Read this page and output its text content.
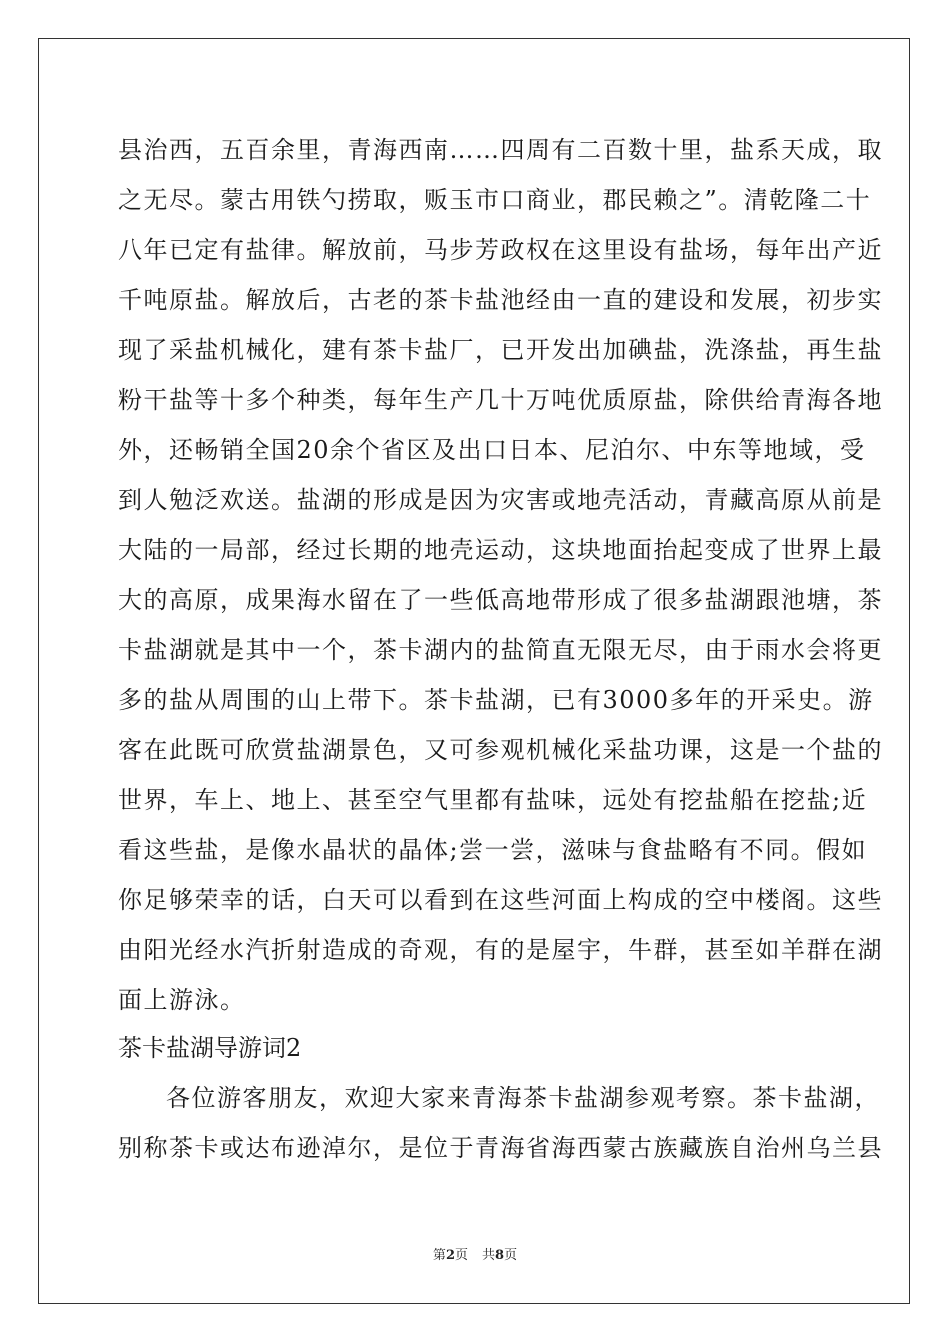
县治西，五百余里，青海西南……四周有二百数十里，盐系天成，取
之无尽。蒙古用铁勺捞取，贩玉市口商业，郡民赖之”。清乾隆二十
八年已定有盐律。解放前，马步芳政权在这里设有盐场，每年出产近
千吨原盐。解放后，古老的茶卡盐池经由一直的建设和发展，初步实
现了采盐机械化，建有茶卡盐厂，已开发出加碘盐，洗涤盐，再生盐
粉干盐等十多个种类，每年生产几十万吨优质原盐，除供给青海各地
外，还畅销全国20余个省区及出口日本、尼泊尔、中东等地域，受
到人勉泛欢送。盐湖的形成是因为灾害或地壳活动，青藏高原从前是
大陆的一局部，经过长期的地壳运动，这块地面抬起变成了世界上最
大的高原，成果海水留在了一些低高地带形成了很多盐湖跟池塘，茶
卡盐湖就是其中一个，茶卡湖内的盐简直无限无尽，由于雨水会将更
多的盐从周围的山上带下。茶卡盐湖，已有3000多年的开采史。游
客在此既可欣赏盐湖景色，又可参观机械化采盐功课，这是一个盐的
世界，车上、地上、甚至空气里都有盐味，远处有挖盐船在挖盐;近
看这些盐，是像水晶状的晶体;尝一尝，滋味与食盐略有不同。假如
你足够荣幸的话，白天可以看到在这些河面上构成的空中楼阁。这些
由阳光经水汽折射造成的奇观，有的是屋宇，牛群，甚至如羊群在湖
面上游泳。
茶卡盐湖导游词2
各位游客朋友，欢迎大家来青海茶卡盐湖参观考察。茶卡盐湖，
别称茶卡或达布逊淖尔，是位于青海省海西蒙古族藏族自治州乌兰县
第2页 共8页
